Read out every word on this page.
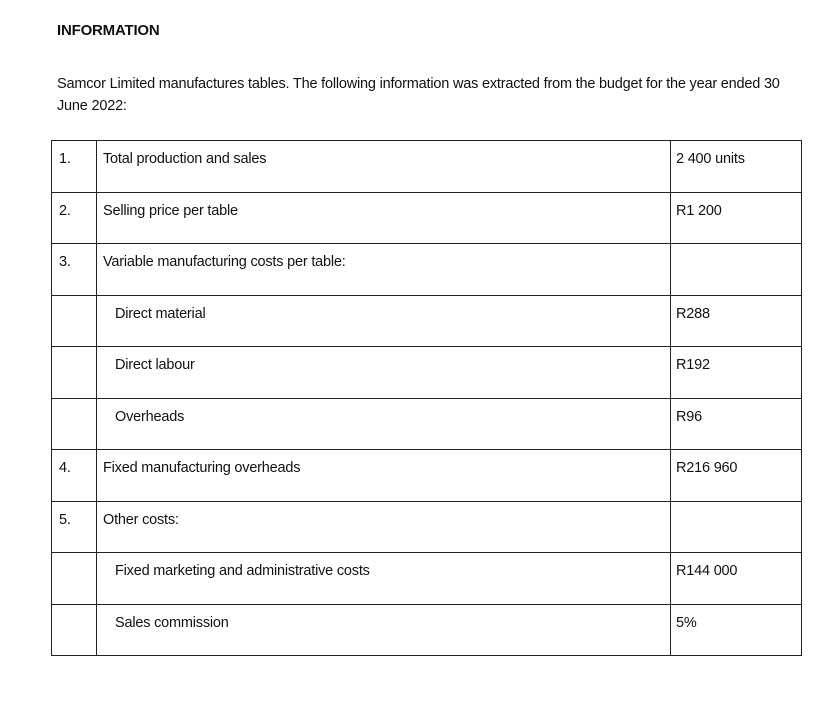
INFORMATION
Samcor Limited manufactures tables. The following information was extracted from the budget for the year ended 30 June 2022:
1.	Total production and sales	2 400 units
2.	Selling price per table	R1 200
3.	Variable manufacturing costs per table:	
	Direct material	R288
	Direct labour	R192
	Overheads	R96
4.	Fixed manufacturing overheads	R216 960
5.	Other costs:	
	Fixed marketing and administrative costs	R144 000
	Sales commission	5%
